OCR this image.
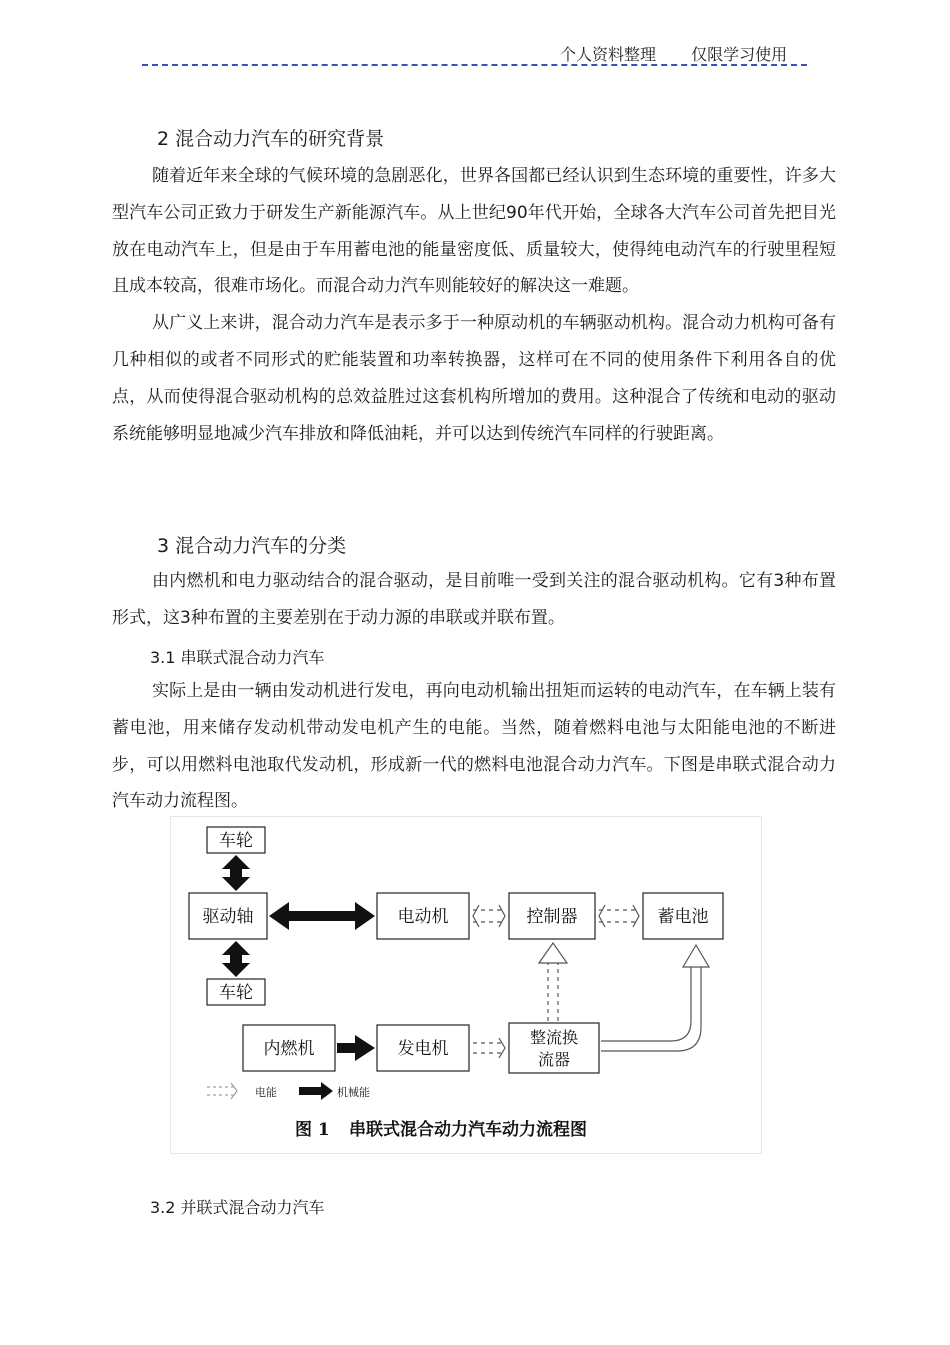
个人资料整理 仅限学习使用
2 混合动力汽车的研究背景

随着近年来全球的气候环境的急剧恶化，世界各国都已经认识到生态环境的重要性，许多大型汽车公司正致力于研发生产新能源汽车。从上世纪90年代开始，全球各大汽车公司首先把目光放在电动汽车上，但是由于车用蓄电池的能量密度低、质量较大，使得纯电动汽车的行驶里程短且成本较高，很难市场化。而混合动力汽车则能较好的解决这一难题。

从广义上来讲，混合动力汽车是表示多于一种原动机的车辆驱动机构。混合动力机构可备有几种相似的或者不同形式的贮能装置和功率转换器，这样可在不同的使用条件下利用各自的优点，从而使得混合驱动机构的总效益胜过这套机构所增加的费用。这种混合了传统和电动的驱动系统能够明显地减少汽车排放和降低油耗，并可以达到传统汽车同样的行驶距离。

3 混合动力汽车的分类

由内燃机和电力驱动结合的混合驱动，是目前唯一受到关注的混合驱动机构。它有3种布置形式，这3种布置的主要差别在于动力源的串联或并联布置。

3.1 串联式混合动力汽车

实际上是由一辆由发动机进行发电，再向电动机输出扭矩而运转的电动汽车，在车辆上装有蓄电池，用来储存发动机带动发电机产生的电能。当然，随着燃料电池与太阳能电池的不断进步，可以用燃料电池取代发动机，形成新一代的燃料电池混合动力汽车。下图是串联式混合动力汽车动力流程图。

车轮
驱动轴
车轮
电动机	控制器	蓄电池
内燃机	发电机
整流换
流器
电能	机械能
图 1 串联式混合动力汽车动力流程图
3.2 并联式混合动力汽车
